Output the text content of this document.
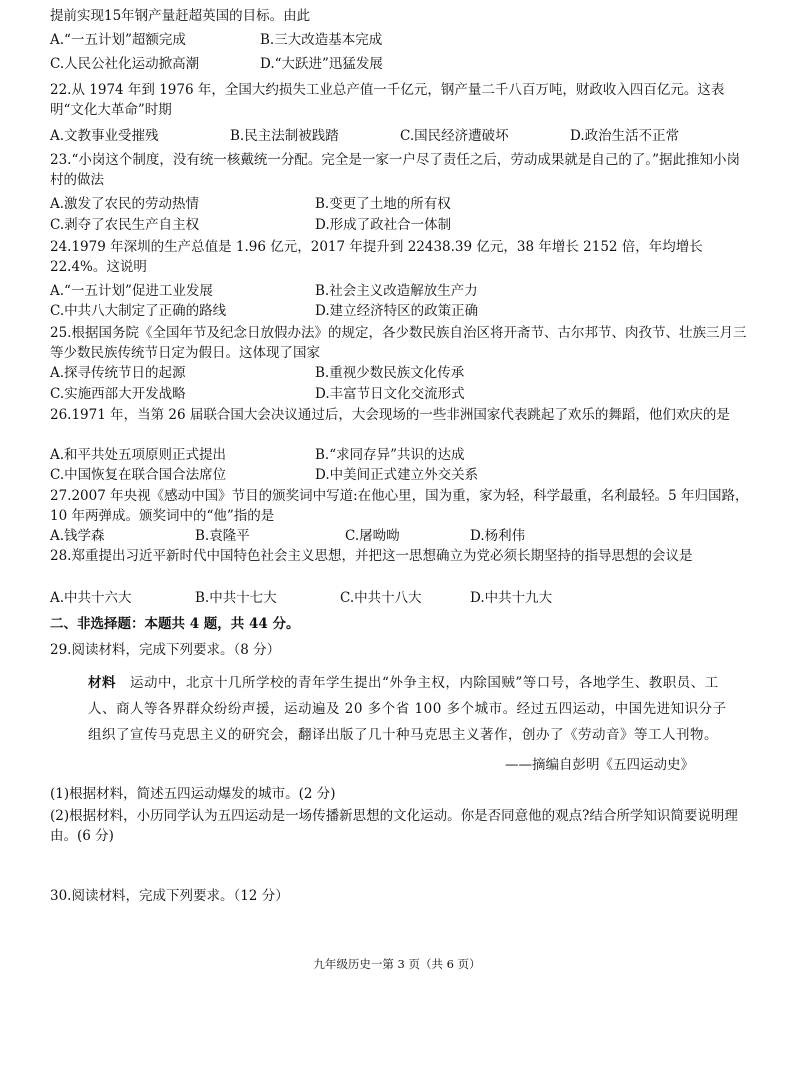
提前实现15年钢产量赶超英国的目标。由此
A.“一五计划”超额完成	B.三大改造基本完成
C.人民公社化运动掀高潮	D.“大跃进”迅猛发展
22.从 1974 年到 1976 年，全国大约损失工业总产值一千亿元，钢产量二千八百万吨，财政收入四百亿元。这表明“文化大革命”时期
A.文教事业受摧残	B.民主法制被践踏	C.国民经济遭破坏	D.政治生活不正常
23.“小岗这个制度，没有统一核戴统一分配。完全是一家一户尽了责任之后，劳动成果就是自己的了。”据此推知小岗村的做法
A.激发了农民的劳动热情	B.变更了土地的所有权
C.剥夺了农民生产自主权	D.形成了政社合一体制
24.1979 年深圳的生产总值是 1.96 亿元，2017 年提升到 22438.39 亿元，38 年增长 2152 倍，年均增长 22.4%。这说明
A.“一五计划”促进工业发展	B.社会主义改造解放生产力
C.中共八大制定了正确的路线	D.建立经济特区的政策正确
25.根据国务院《全国年节及纪念日放假办法》的规定，各少数民族自治区将开斋节、古尔邦节、肉孜节、壮族三月三等少数民族传统节日定为假日。这体现了国家
A.探寻传统节日的起源	B.重视少数民族文化传承
C.实施西部大开发战略	D.丰富节日文化交流形式
26.1971 年，当第 26 届联合国大会决议通过后，大会现场的一些非洲国家代表跳起了欢乐的舞蹈，他们欢庆的是
A.和平共处五项原则正式提出	B.“求同存异”共识的达成
C.中国恢复在联合国合法席位	D.中美间正式建立外交关系
27.2007 年央视《感动中国》节目的颁奖词中写道:在他心里，国为重，家为轻，科学最重，名利最轻。5 年归国路，10 年两弹成。颁奖词中的“他”指的是
A.钱学森	B.袁隆平	C.屠呦呦	D.杨利伟
28.郑重提出习近平新时代中国特色社会主义思想，并把这一思想确立为党必须长期坚持的指导思想的会议是
A.中共十六大	B.中共十七大	C.中共十八大	D.中共十九大
二、非选择题：本题共 4 题，共 44 分。
29.阅读材料，完成下列要求。（8 分）
材料 运动中，北京十几所学校的青年学生提出“外争主权，内除国贼”等口号，各地学生、教职员、工人、商人等各界群众纷纷声援，运动遍及 20 多个省 100 多个城市。经过五四运动，中国先进知识分子组织了宣传马克思主义的研究会，翻译出版了几十种马克思主义著作，创办了《劳动音》等工人刊物。
——摘编自彭明《五四运动史》
(1)根据材料，简述五四运动爆发的城市。(2 分)
(2)根据材料，小历同学认为五四运动是一场传播新思想的文化运动。你是否同意他的观点?结合所学知识简要说明理由。(6 分)
30.阅读材料，完成下列要求。（12 分）
九年级历史一第 3 页（共 6 页）
